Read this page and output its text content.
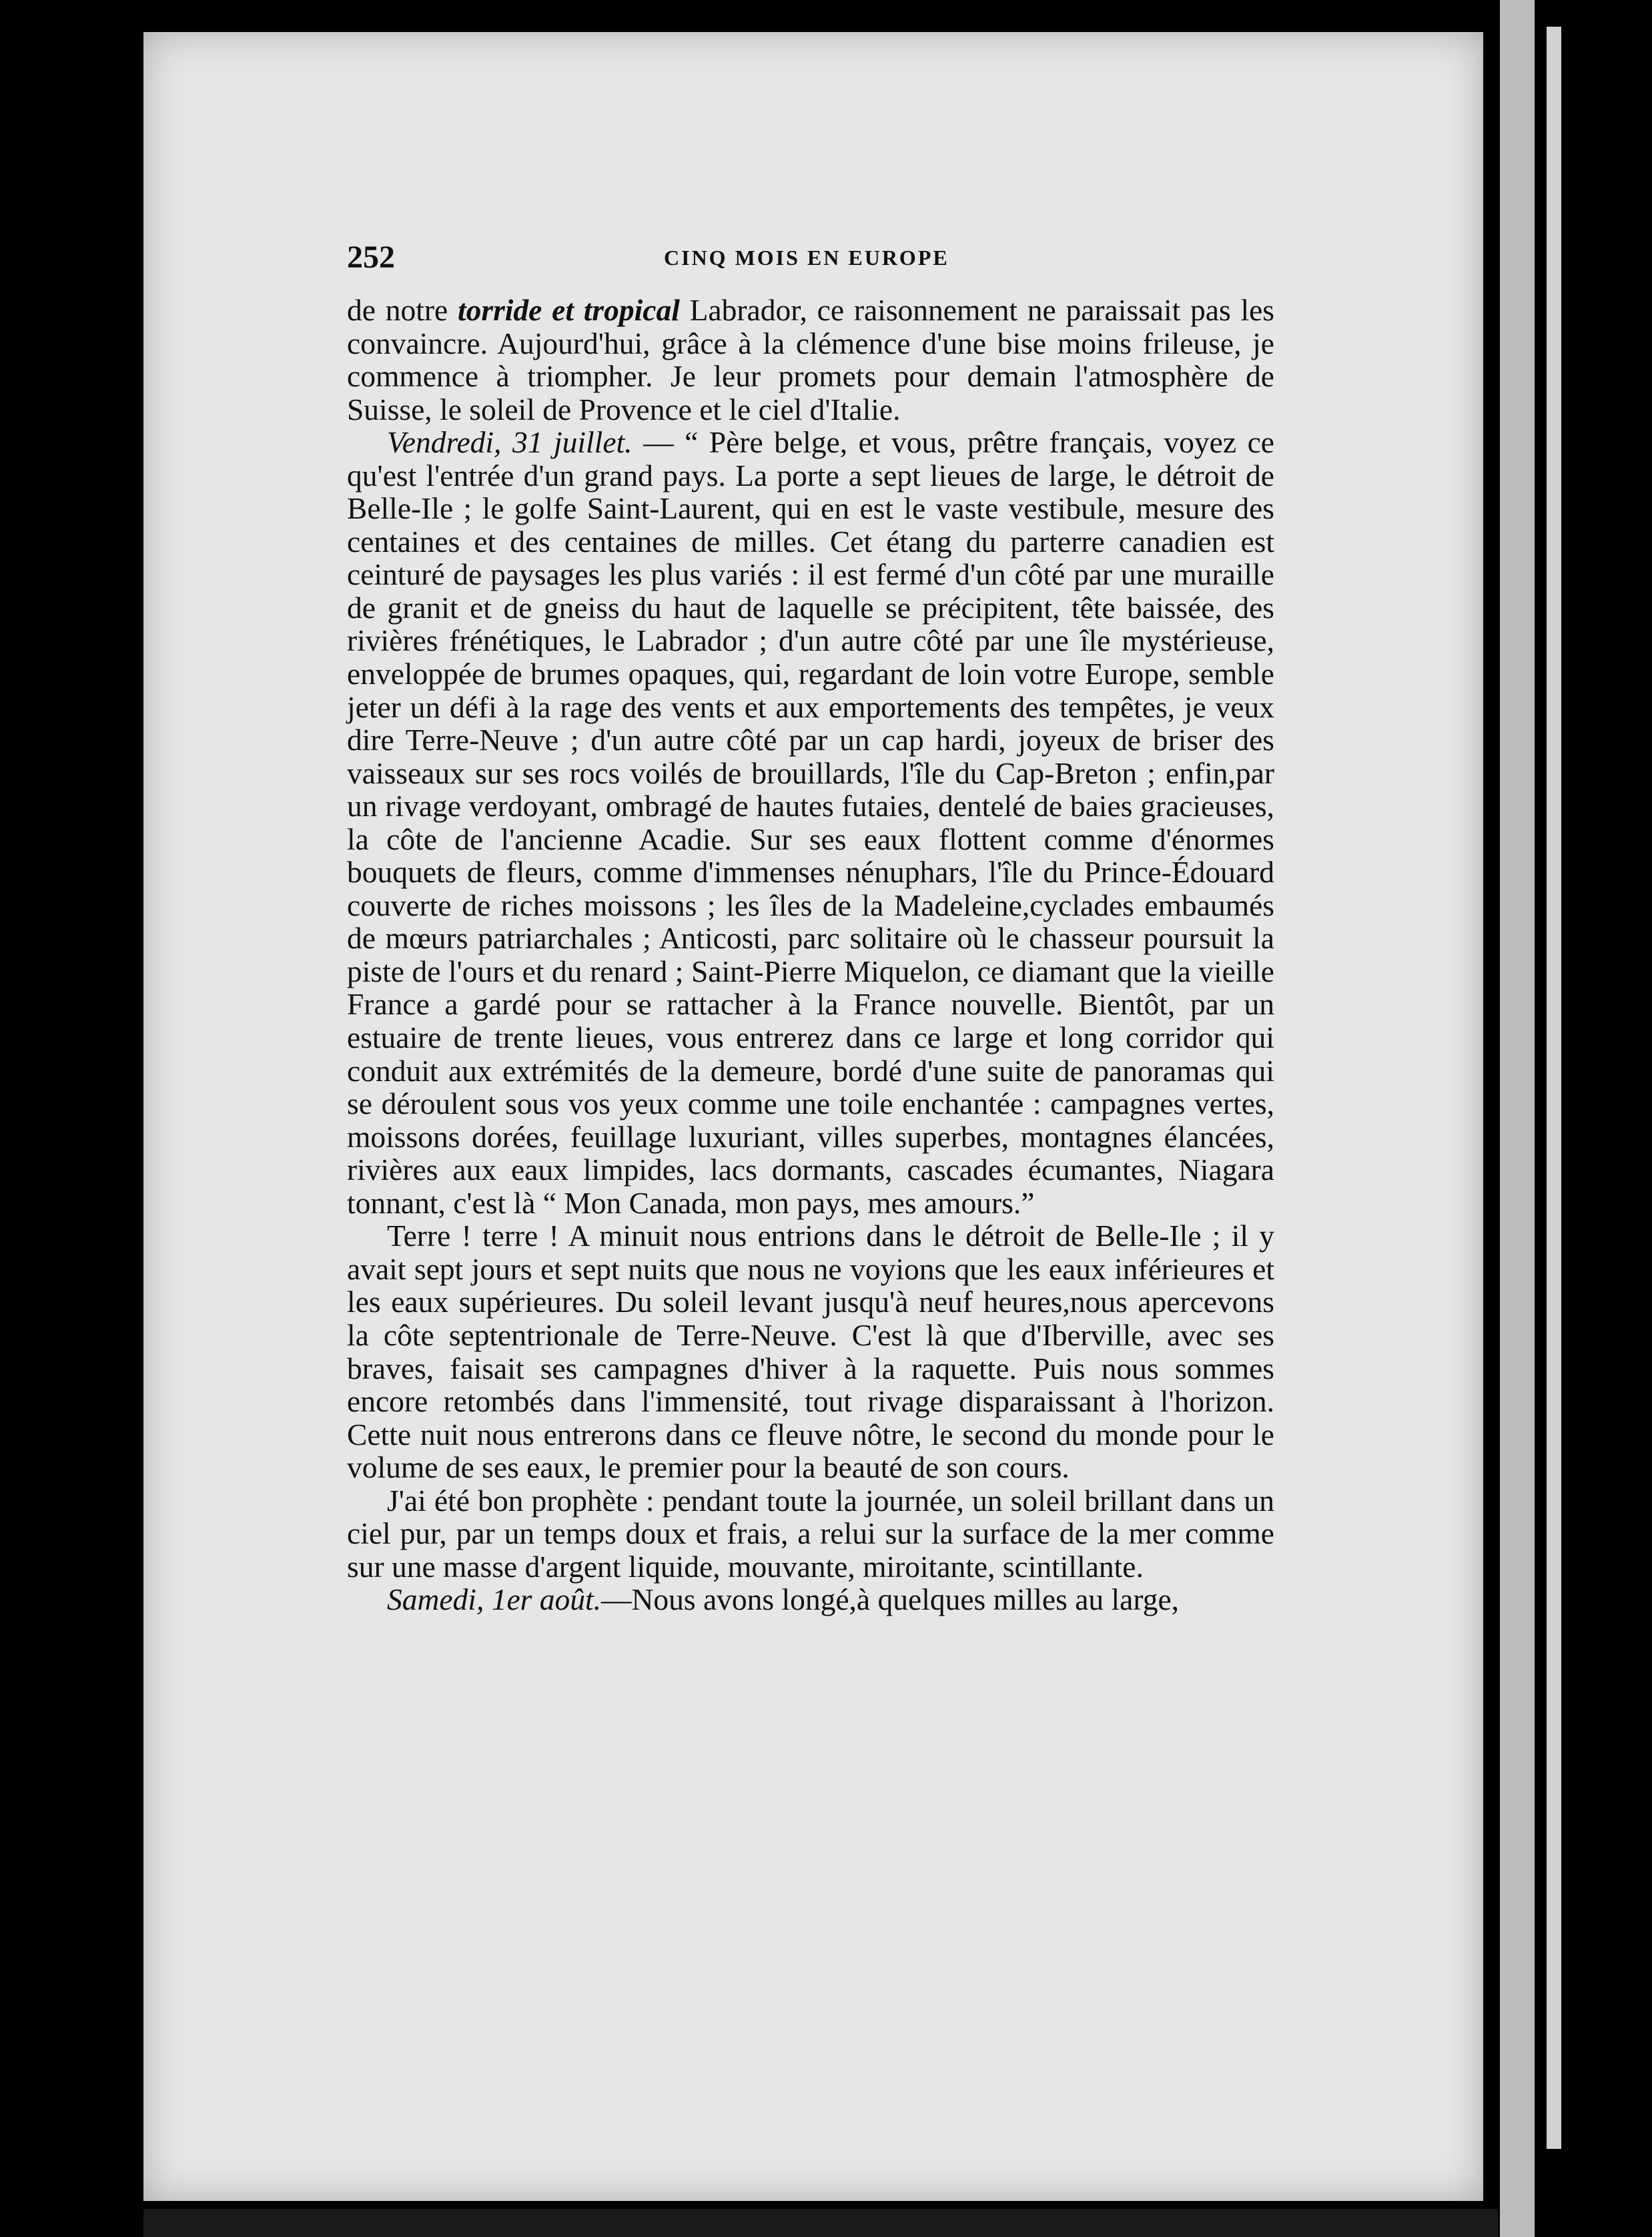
252	CINQ MOIS EN EUROPE

de notre torride et tropical Labrador, ce raisonnement ne paraissait pas les convaincre. Aujourd'hui, grâce à la clémence d'une bise moins frileuse, je commence à triompher. Je leur promets pour demain l'atmosphère de Suisse, le soleil de Provence et le ciel d'Italie.

Vendredi, 31 juillet. — “ Père belge, et vous, prêtre français, voyez ce qu'est l'entrée d'un grand pays. La porte a sept lieues de large, le détroit de Belle-Ile ; le golfe Saint-Laurent, qui en est le vaste vestibule, mesure des centaines et des centaines de milles. Cet étang du parterre canadien est ceinturé de paysages les plus variés : il est fermé d'un côté par une muraille de granit et de gneiss du haut de laquelle se précipitent, tête baissée, des rivières frénétiques, le Labrador ; d'un autre côté par une île mystérieuse, enveloppée de brumes opaques, qui, regardant de loin votre Europe, semble jeter un défi à la rage des vents et aux emportements des tempêtes, je veux dire Terre-Neuve ; d'un autre côté par un cap hardi, joyeux de briser des vaisseaux sur ses rocs voilés de brouillards, l'île du Cap-Breton ; enfin,par un rivage verdoyant, ombragé de hautes futaies, dentelé de baies gracieuses, la côte de l'ancienne Acadie. Sur ses eaux flottent comme d'énormes bouquets de fleurs, comme d'immenses nénuphars, l'île du Prince-Édouard couverte de riches moissons ; les îles de la Madeleine,cyclades embaumés de mœurs patriarchales ; Anticosti, parc solitaire où le chasseur poursuit la piste de l'ours et du renard ; Saint-Pierre Miquelon, ce diamant que la vieille France a gardé pour se rattacher à la France nouvelle. Bientôt, par un estuaire de trente lieues, vous entrerez dans ce large et long corridor qui conduit aux extrémités de la demeure, bordé d'une suite de panoramas qui se déroulent sous vos yeux comme une toile enchantée : campagnes vertes, moissons dorées, feuillage luxuriant, villes superbes, montagnes élancées, rivières aux eaux limpides, lacs dormants, cascades écumantes, Niagara tonnant, c'est là “ Mon Canada, mon pays, mes amours.”

Terre ! terre ! A minuit nous entrions dans le détroit de Belle-Ile ; il y avait sept jours et sept nuits que nous ne voyions que les eaux inférieures et les eaux supérieures. Du soleil levant jusqu'à neuf heures,nous apercevons la côte septentrionale de Terre-Neuve. C'est là que d'Iberville, avec ses braves, faisait ses campagnes d'hiver à la raquette. Puis nous sommes encore retombés dans l'immensité, tout rivage disparaissant à l'horizon. Cette nuit nous entrerons dans ce fleuve nôtre, le second du monde pour le volume de ses eaux, le premier pour la beauté de son cours.

J'ai été bon prophète : pendant toute la journée, un soleil brillant dans un ciel pur, par un temps doux et frais, a relui sur la surface de la mer comme sur une masse d'argent liquide, mouvante, miroitante, scintillante.

Samedi, 1er août.—Nous avons longé,à quelques milles au large,
